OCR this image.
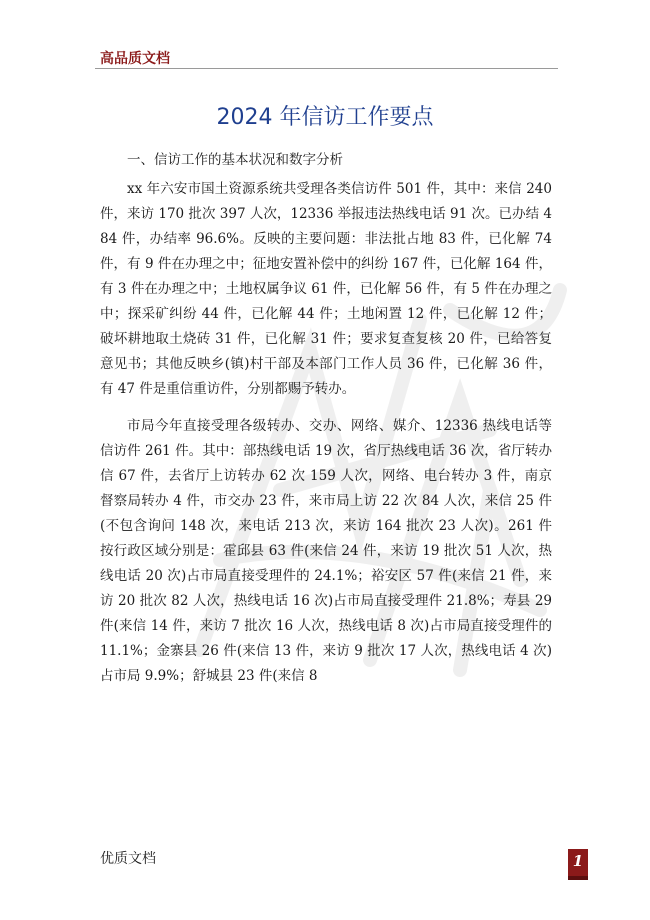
高品质文档
2024 年信访工作要点

一、信访工作的基本状况和数字分析

xx 年六安市国土资源系统共受理各类信访件 501 件，其中：来信 240 件，来访 170 批次 397 人次，12336 举报违法热线电话 91 次。已办结 484 件，办结率 96.6%。反映的主要问题：非法批占地 83 件，已化解 74 件，有 9 件在办理之中；征地安置补偿中的纠纷 167 件，已化解 164 件，有 3 件在办理之中；土地权属争议 61 件，已化解 56 件，有 5 件在办理之中；探采矿纠纷 44 件，已化解 44 件；土地闲置 12 件，已化解 12 件；破坏耕地取土烧砖 31 件，已化解 31 件；要求复查复核 20 件，已给答复意见书；其他反映乡(镇)村干部及本部门工作人员 36 件，已化解 36 件，有 47 件是重信重访件，分别都赐予转办。

市局今年直接受理各级转办、交办、网络、媒介、12336 热线电话等信访件 261 件。其中：部热线电话 19 次，省厅热线电话 36 次，省厅转办信 67 件，去省厅上访转办 62 次 159 人次，网络、电台转办 3 件，南京督察局转办 4 件，市交办 23 件，来市局上访 22 次 84 人次，来信 25 件(不包含询问 148 次，来电话 213 次，来访 164 批次 23 人次)。261 件按行政区域分别是：霍邱县 63 件(来信 24 件，来访 19 批次 51 人次，热线电话 20 次)占市局直接受理件的 24.1%；裕安区 57 件(来信 21 件，来访 20 批次 82 人次，热线电话 16 次)占市局直接受理件 21.8%；寿县 29 件(来信 14 件，来访 7 批次 16 人次，热线电话 8 次)占市局直接受理件的 11.1%；金寨县 26 件(来信 13 件，来访 9 批次 17 人次，热线电话 4 次)占市局 9.9%；舒城县 23 件(来信 8

优质文档	1
